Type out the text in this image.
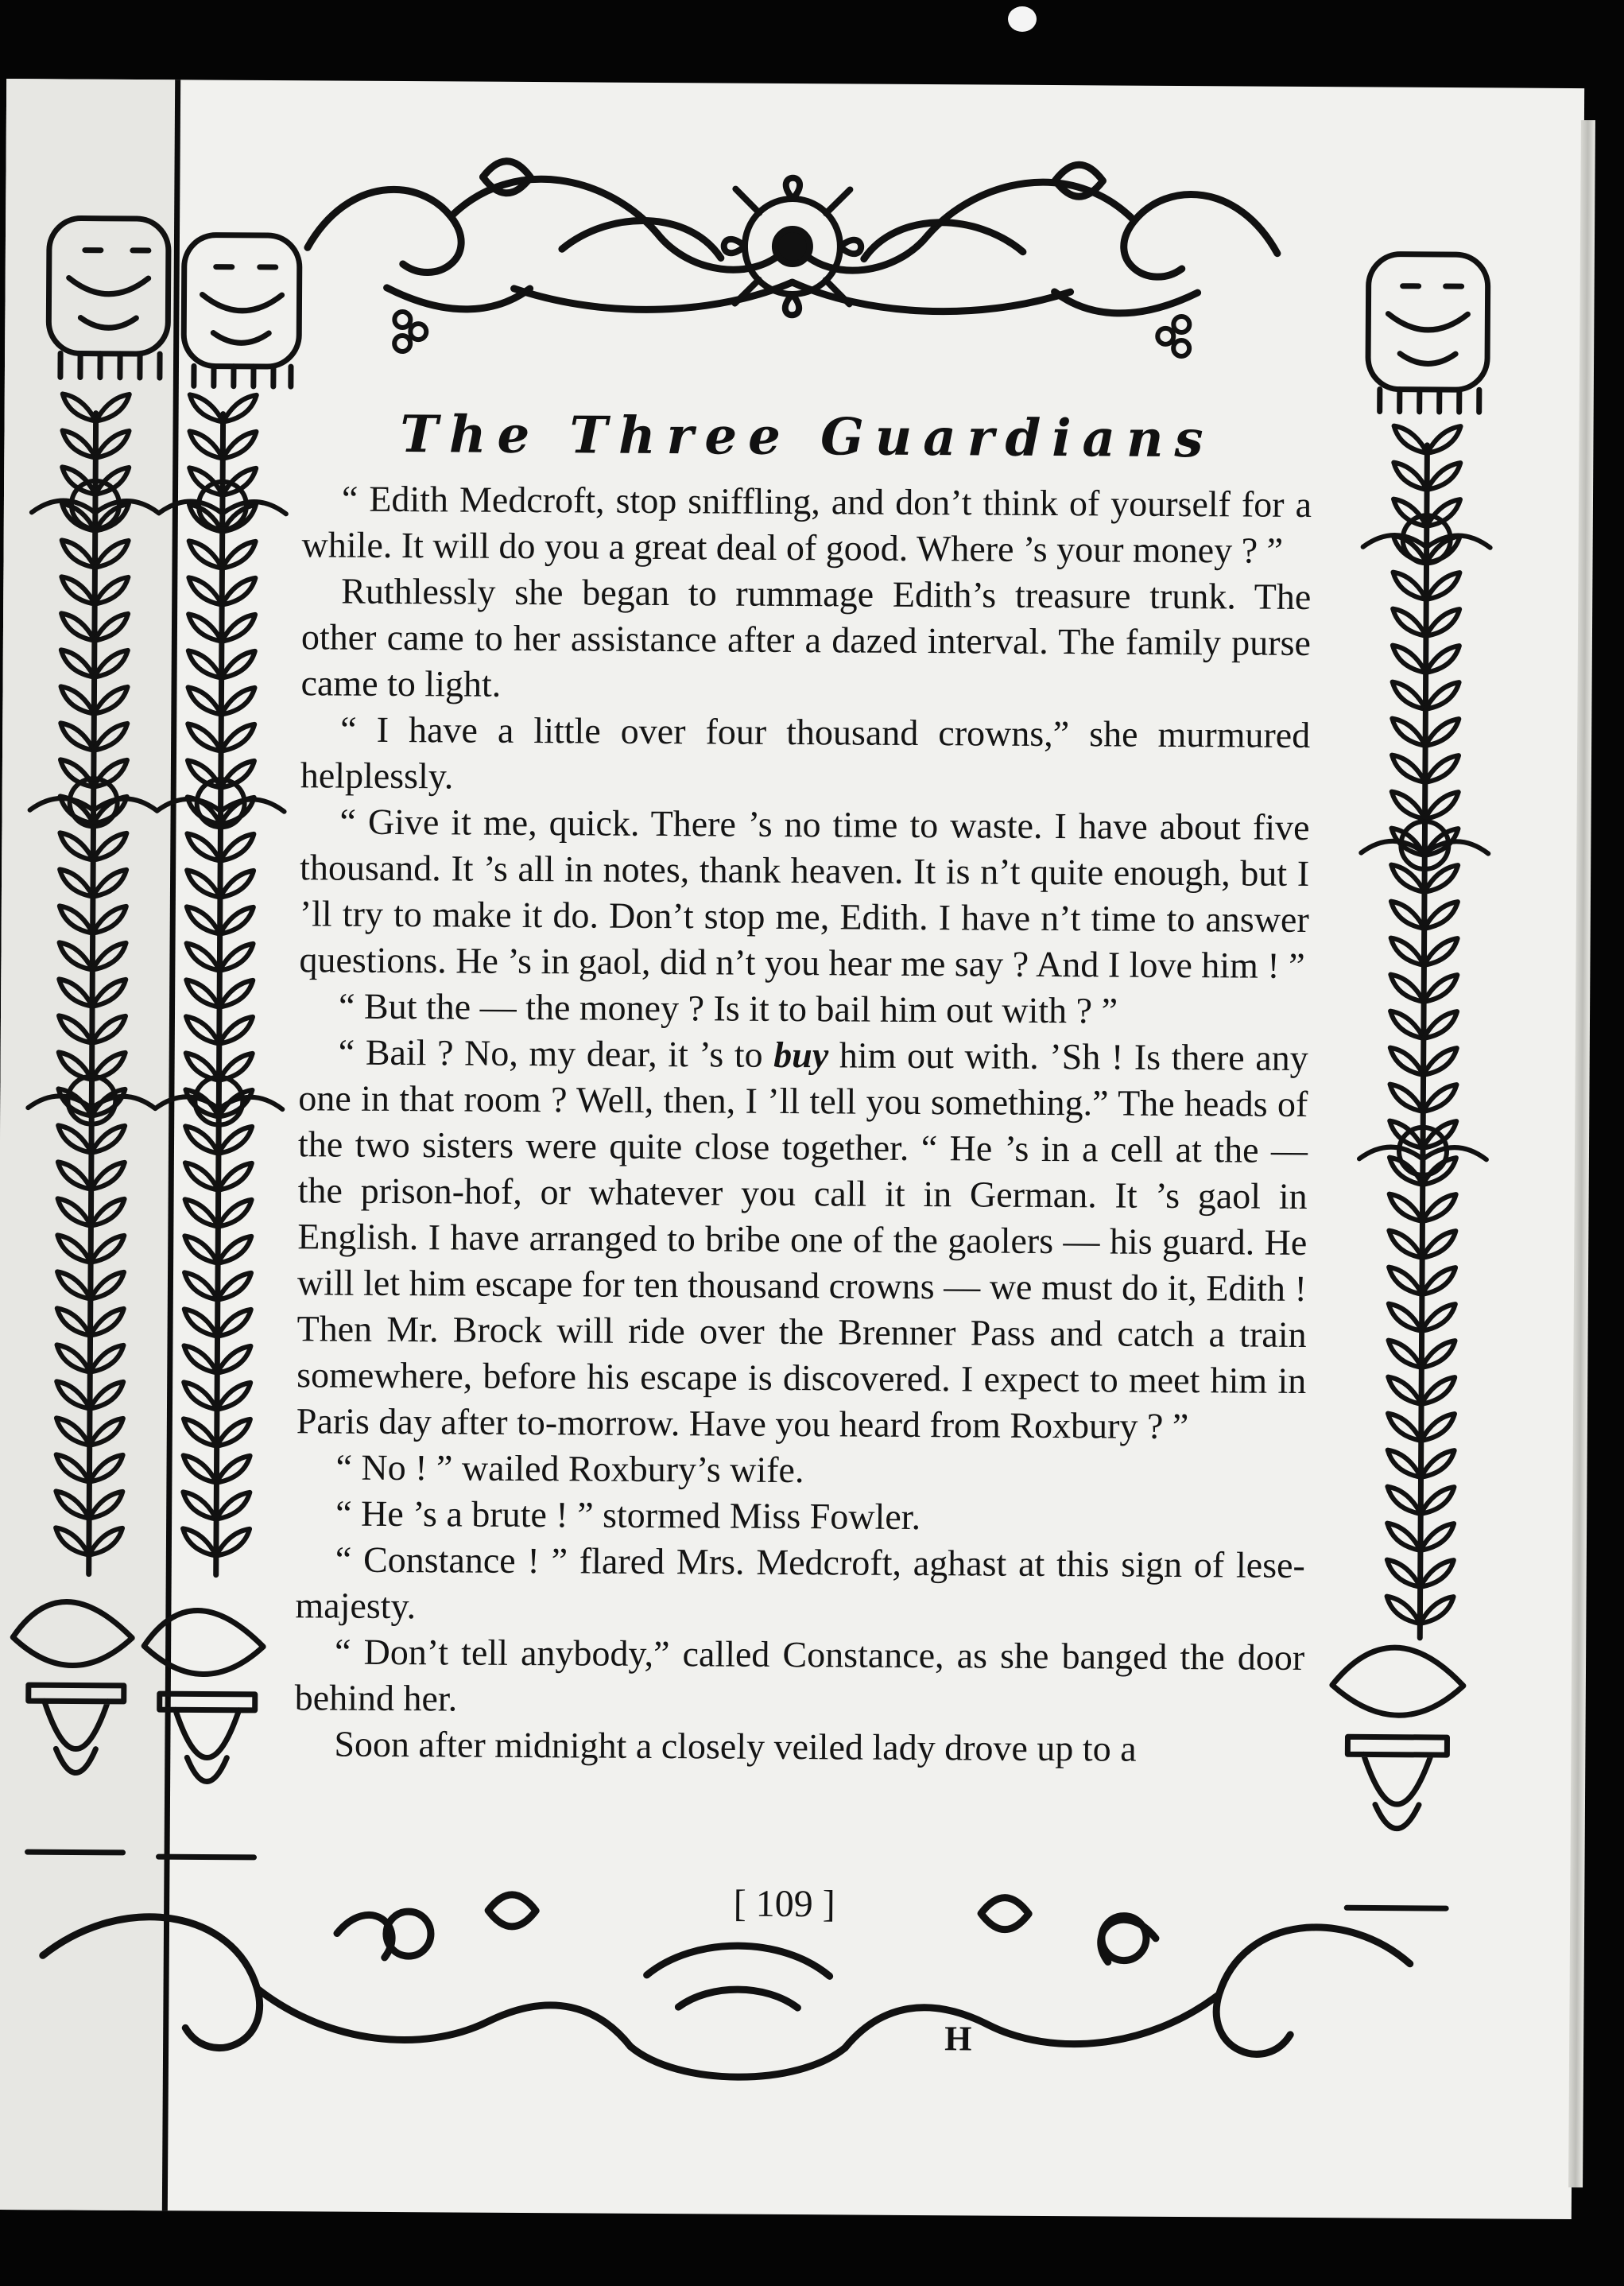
H
The Three Guardians

“ Edith Medcroft, stop sniffling, and don’t think of yourself for a while. It will do you a great deal of good. Where ’s your money ? ”

Ruthlessly she began to rummage Edith’s treasure trunk. The other came to her assistance after a dazed interval. The family purse came to light.

“ I have a little over four thousand crowns,” she murmured helplessly.

“ Give it me, quick. There ’s no time to waste. I have about five thousand. It ’s all in notes, thank heaven. It is n’t quite enough, but I ’ll try to make it do. Don’t stop me, Edith. I have n’t time to answer questions. He ’s in gaol, did n’t you hear me say ? And I love him ! ”

“ But the — the money ? Is it to bail him out with ? ”

“ Bail ? No, my dear, it ’s to buy him out with. ’Sh ! Is there any one in that room ? Well, then, I ’ll tell you something.” The heads of the two sisters were quite close together. “ He ’s in a cell at the — the prison-hof, or whatever you call it in German. It ’s gaol in English. I have arranged to bribe one of the gaolers — his guard. He will let him escape for ten thousand crowns — we must do it, Edith ! Then Mr. Brock will ride over the Brenner Pass and catch a train somewhere, before his escape is discovered. I expect to meet him in Paris day after to-morrow. Have you heard from Roxbury ? ”

“ No ! ” wailed Roxbury’s wife.

“ He ’s a brute ! ” stormed Miss Fowler.

“ Constance ! ” flared Mrs. Medcroft, aghast at this sign of lese-majesty.

“ Don’t tell anybody,” called Constance, as she banged the door behind her.

Soon after midnight a closely veiled lady drove up to a

[ 109 ]
